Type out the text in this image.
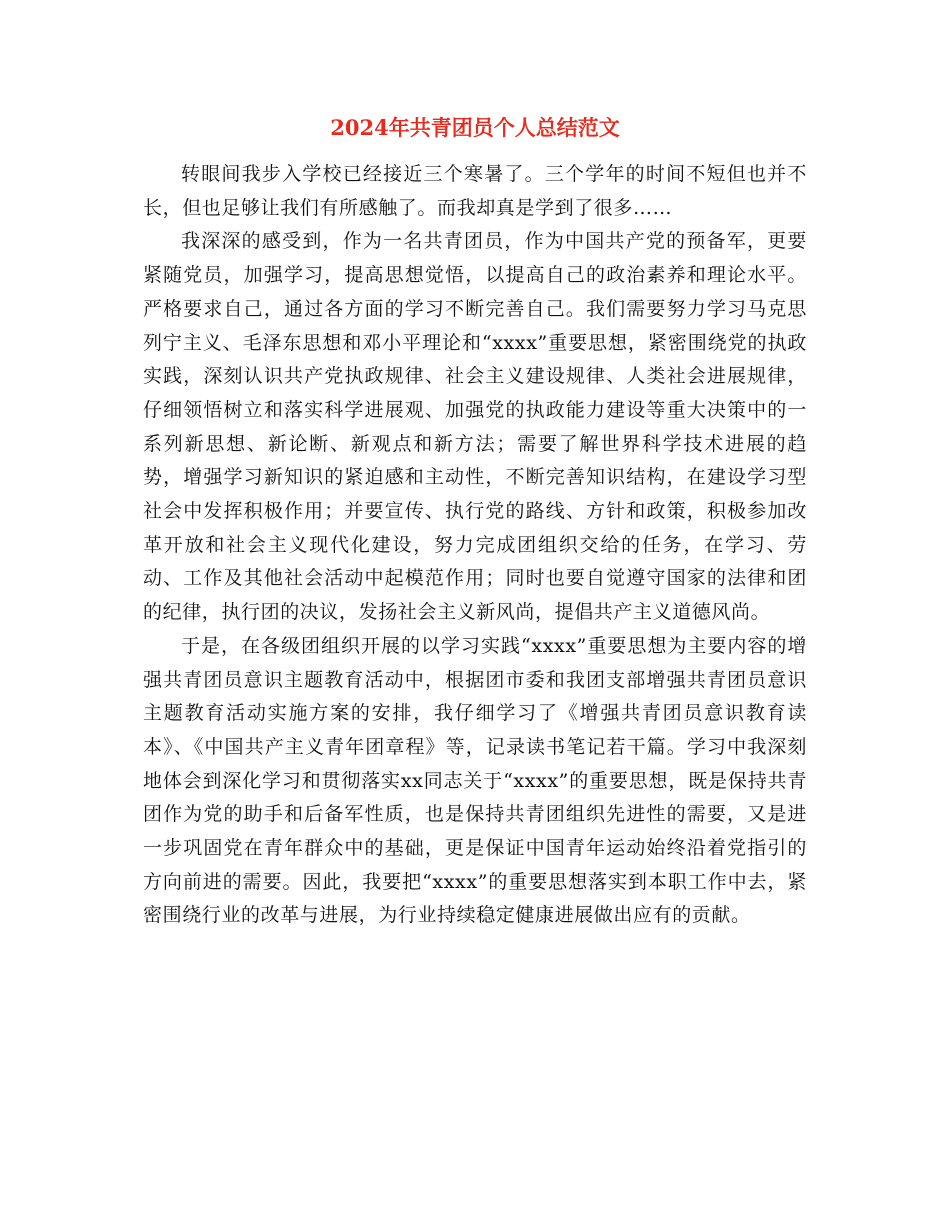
2024年共青团员个人总结范文

转眼间我步入学校已经接近三个寒暑了。三个学年的时间不短但也并不长，但也足够让我们有所感触了。而我却真是学到了很多……

我深深的感受到，作为一名共青团员，作为中国共产党的预备军，更要紧随党员，加强学习，提高思想觉悟，以提高自己的政治素养和理论水平。严格要求自己，通过各方面的学习不断完善自己。我们需要努力学习马克思列宁主义、毛泽东思想和邓小平理论和“xxxx”重要思想，紧密围绕党的执政实践，深刻认识共产党执政规律、社会主义建设规律、人类社会进展规律，仔细领悟树立和落实科学进展观、加强党的执政能力建设等重大决策中的一系列新思想、新论断、新观点和新方法；需要了解世界科学技术进展的趋势，增强学习新知识的紧迫感和主动性，不断完善知识结构，在建设学习型社会中发挥积极作用；并要宣传、执行党的路线、方针和政策，积极参加改革开放和社会主义现代化建设，努力完成团组织交给的任务，在学习、劳动、工作及其他社会活动中起模范作用；同时也要自觉遵守国家的法律和团的纪律，执行团的决议，发扬社会主义新风尚，提倡共产主义道德风尚。

于是，在各级团组织开展的以学习实践“xxxx”重要思想为主要内容的增强共青团员意识主题教育活动中，根据团市委和我团支部增强共青团员意识主题教育活动实施方案的安排，我仔细学习了《增强共青团员意识教育读本》、《中国共产主义青年团章程》等，记录读书笔记若干篇。学习中我深刻地体会到深化学习和贯彻落实xx同志关于“xxxx”的重要思想，既是保持共青团作为党的助手和后备军性质，也是保持共青团组织先进性的需要，又是进一步巩固党在青年群众中的基础，更是保证中国青年运动始终沿着党指引的方向前进的需要。因此，我要把“xxxx”的重要思想落实到本职工作中去，紧密围绕行业的改革与进展，为行业持续稳定健康进展做出应有的贡献。
